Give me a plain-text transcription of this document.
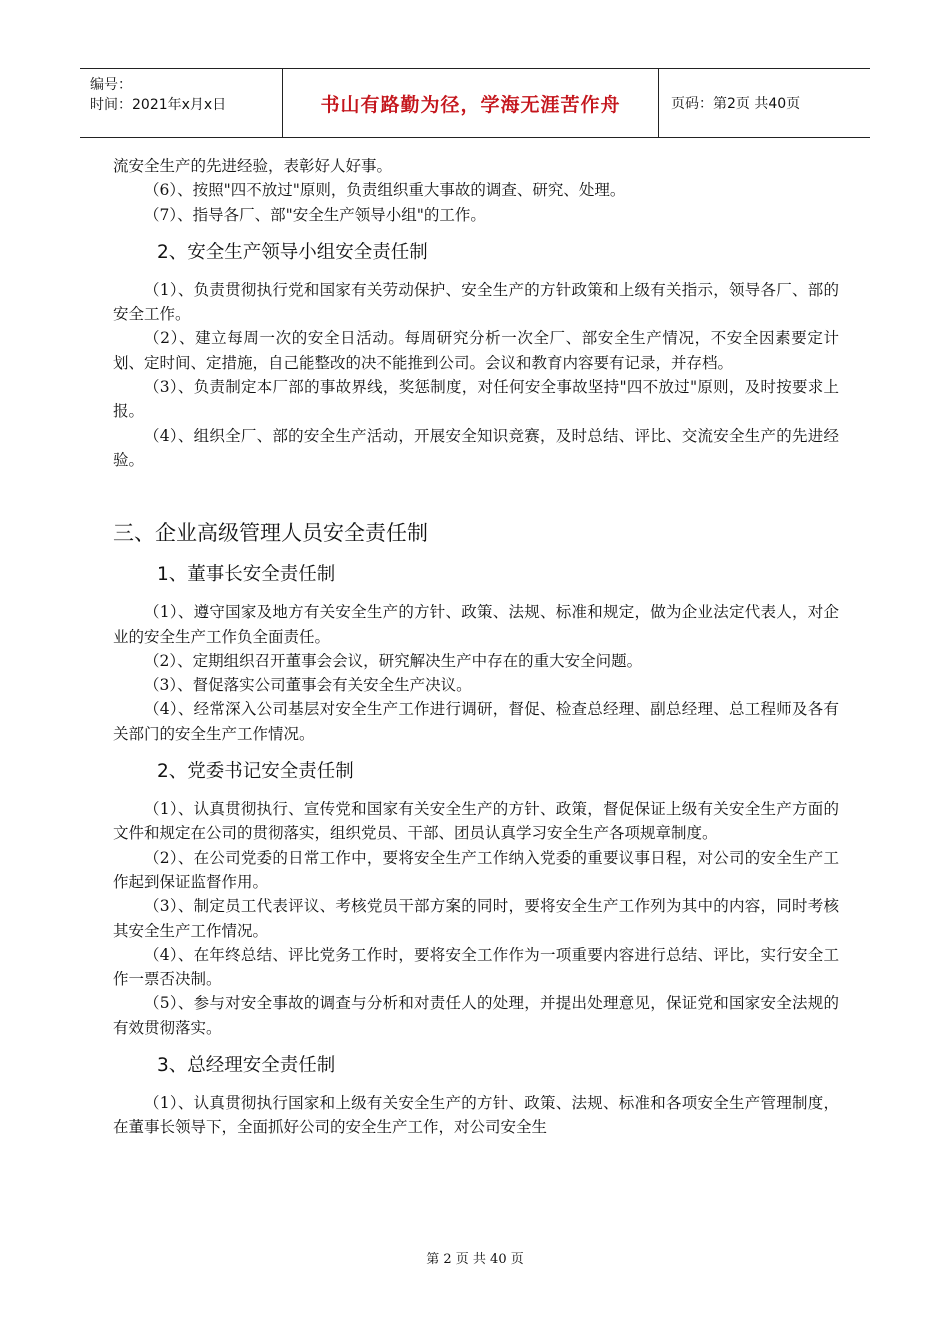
编号：
时间：2021年x月x日	书山有路勤为径，学海无涯苦作舟	页码：第2页 共40页

流安全生产的先进经验，表彰好人好事。

（6）、按照"四不放过"原则，负责组织重大事故的调查、研究、处理。

（7）、指导各厂、部"安全生产领导小组"的工作。

2、安全生产领导小组安全责任制

（1）、负责贯彻执行党和国家有关劳动保护、安全生产的方针政策和上级有关指示，领导各厂、部的安全工作。

（2）、建立每周一次的安全日活动。每周研究分析一次全厂、部安全生产情况，不安全因素要定计划、定时间、定措施，自己能整改的决不能推到公司。会议和教育内容要有记录，并存档。

（3）、负责制定本厂部的事故界线，奖惩制度，对任何安全事故坚持"四不放过"原则，及时按要求上报。

（4）、组织全厂、部的安全生产活动，开展安全知识竞赛，及时总结、评比、交流安全生产的先进经验。

三、企业高级管理人员安全责任制
1、董事长安全责任制

（1）、遵守国家及地方有关安全生产的方针、政策、法规、标准和规定，做为企业法定代表人，对企业的安全生产工作负全面责任。

（2）、定期组织召开董事会会议，研究解决生产中存在的重大安全问题。

（3）、督促落实公司董事会有关安全生产决议。

（4）、经常深入公司基层对安全生产工作进行调研，督促、检查总经理、副总经理、总工程师及各有关部门的安全生产工作情况。

2、党委书记安全责任制

（1）、认真贯彻执行、宣传党和国家有关安全生产的方针、政策，督促保证上级有关安全生产方面的文件和规定在公司的贯彻落实，组织党员、干部、团员认真学习安全生产各项规章制度。

（2）、在公司党委的日常工作中，要将安全生产工作纳入党委的重要议事日程，对公司的安全生产工作起到保证监督作用。

（3）、制定员工代表评议、考核党员干部方案的同时，要将安全生产工作列为其中的内容，同时考核其安全生产工作情况。

（4）、在年终总结、评比党务工作时，要将安全工作作为一项重要内容进行总结、评比，实行安全工作一票否决制。

（5）、参与对安全事故的调查与分析和对责任人的处理，并提出处理意见，保证党和国家安全法规的有效贯彻落实。

3、总经理安全责任制

（1）、认真贯彻执行国家和上级有关安全生产的方针、政策、法规、标准和各项安全生产管理制度，在董事长领导下，全面抓好公司的安全生产工作，对公司安全生

第 2 页 共 40 页
